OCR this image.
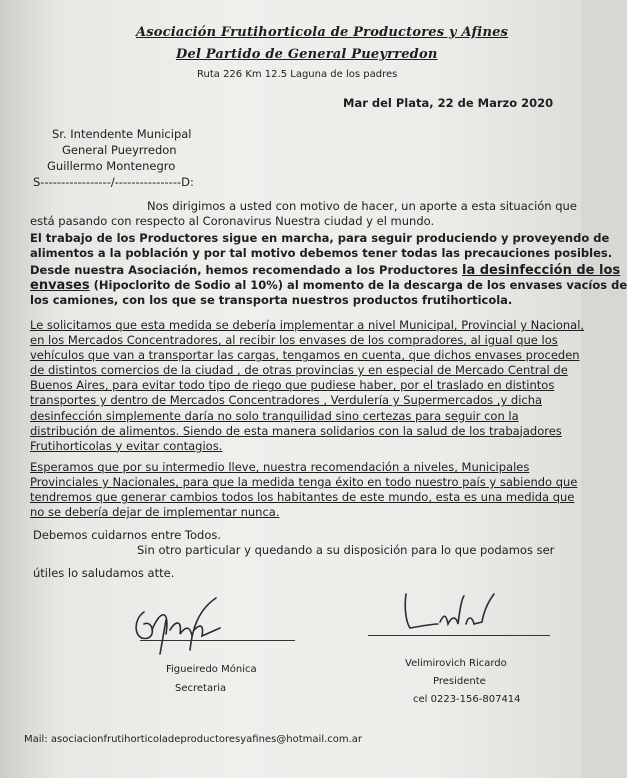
Asociación Frutihorticola de Productores y Afines
Del Partido de General Pueyrredon
Ruta 226 Km 12.5 Laguna de los padres
Mar del Plata, 22 de Marzo 2020
Sr. Intendente Municipal
General Pueyrredon
Guillermo Montenegro
S-----------------/----------------D:
Nos dirigimos a usted con motivo de hacer, un aporte a esta situación que
está pasando con respecto al Coronavirus Nuestra ciudad y el mundo.
El trabajo de los Productores sigue en marcha, para seguir produciendo y proveyendo de
alimentos a la población y por tal motivo debemos tener todas las precauciones posibles.
Desde nuestra Asociación, hemos recomendado a los Productores la desinfección de los
envases (Hipoclorito de Sodio al 10%) al momento de la descarga de los envases vacíos de
los camiones, con los que se transporta nuestros productos frutihorticola.
Le solicitamos que esta medida se debería implementar a nivel Municipal, Provincial y Nacional,
en los Mercados Concentradores, al recibir los envases de los compradores, al igual que los
vehículos que van a transportar las cargas, tengamos en cuenta, que dichos envases proceden
de distintos comercios de la ciudad , de otras provincias y en especial de Mercado Central de
Buenos Aires, para evitar todo tipo de riego que pudiese haber, por el traslado en distintos
transportes y dentro de Mercados Concentradores , Verdulería y Supermercados ,y dicha
desinfección simplemente daría no solo tranquilidad sino certezas para seguir con la
distribución de alimentos. Siendo de esta manera solidarios con la salud de los trabajadores
Frutihorticolas y evitar contagios.
Esperamos que por su intermedio lleve, nuestra recomendación a niveles, Municipales
Provinciales y Nacionales, para que la medida tenga éxito en todo nuestro país y sabiendo que
tendremos que generar cambios todos los habitantes de este mundo, esta es una medida que
no se debería dejar de implementar nunca.
Debemos cuidarnos entre Todos.
Sin otro particular y quedando a su disposición para lo que podamos ser
útiles lo saludamos atte.
Figueiredo Mónica
Secretaria
Velimirovich Ricardo
Presidente
cel 0223-156-807414
Mail: asociacionfrutihorticoladeproductoresyafines@hotmail.com.ar
